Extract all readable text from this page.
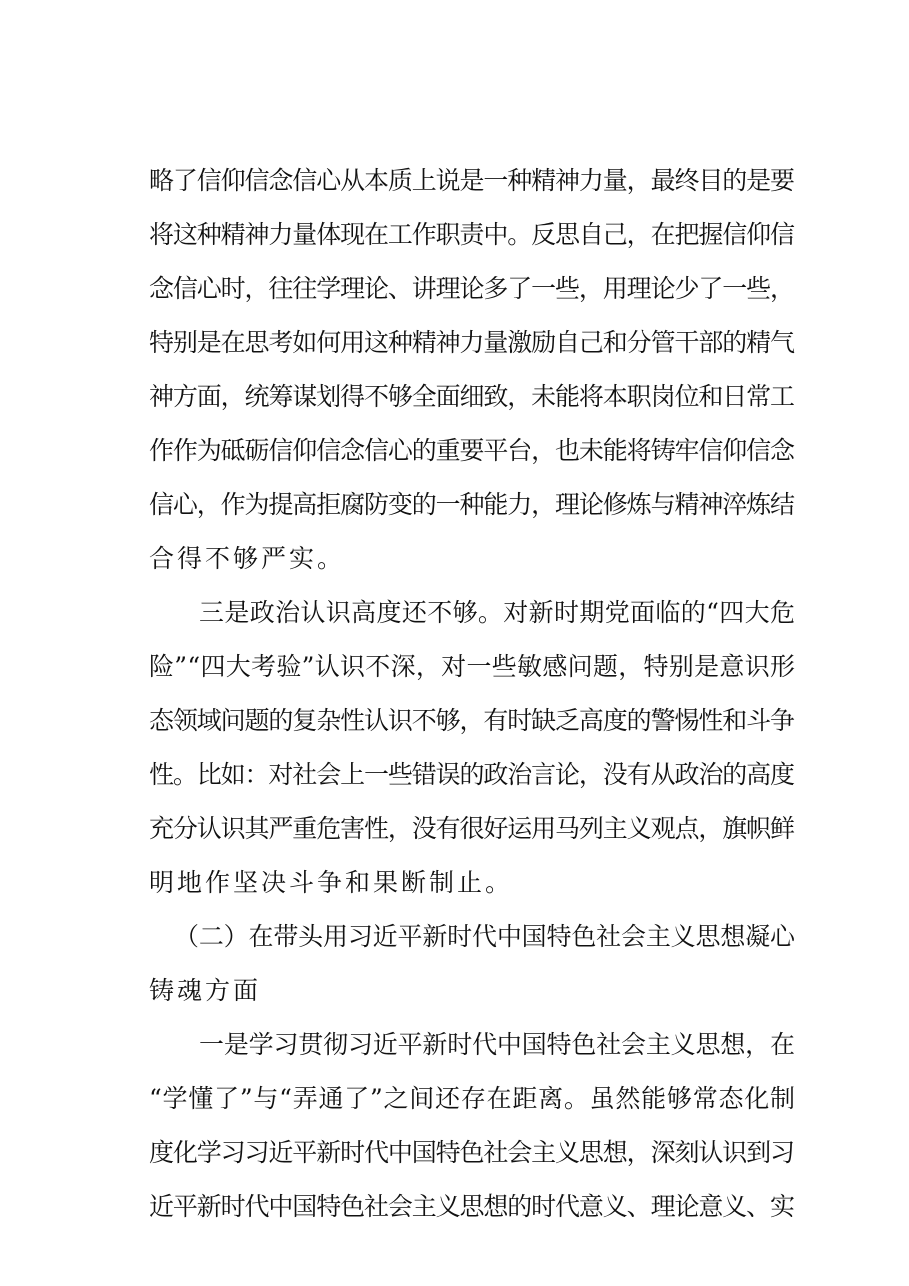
略了信仰信念信心从本质上说是一种精神力量，最终目的是要
将这种精神力量体现在工作职责中。反思自己，在把握信仰信
念信心时，往往学理论、讲理论多了一些，用理论少了一些，
特别是在思考如何用这种精神力量激励自己和分管干部的精气
神方面，统筹谋划得不够全面细致，未能将本职岗位和日常工
作作为砥砺信仰信念信心的重要平台，也未能将铸牢信仰信念
信心，作为提高拒腐防变的一种能力，理论修炼与精神淬炼结
合得不够严实。
三是政治认识高度还不够。对新时期党面临的“四大危
险”“四大考验”认识不深，对一些敏感问题，特别是意识形
态领域问题的复杂性认识不够，有时缺乏高度的警惕性和斗争
性。比如：对社会上一些错误的政治言论，没有从政治的高度
充分认识其严重危害性，没有很好运用马列主义观点，旗帜鲜
明地作坚决斗争和果断制止。
（二）在带头用习近平新时代中国特色社会主义思想凝心
铸魂方面
一是学习贯彻习近平新时代中国特色社会主义思想，在
“学懂了”与“弄通了”之间还存在距离。虽然能够常态化制
度化学习习近平新时代中国特色社会主义思想，深刻认识到习
近平新时代中国特色社会主义思想的时代意义、理论意义、实
